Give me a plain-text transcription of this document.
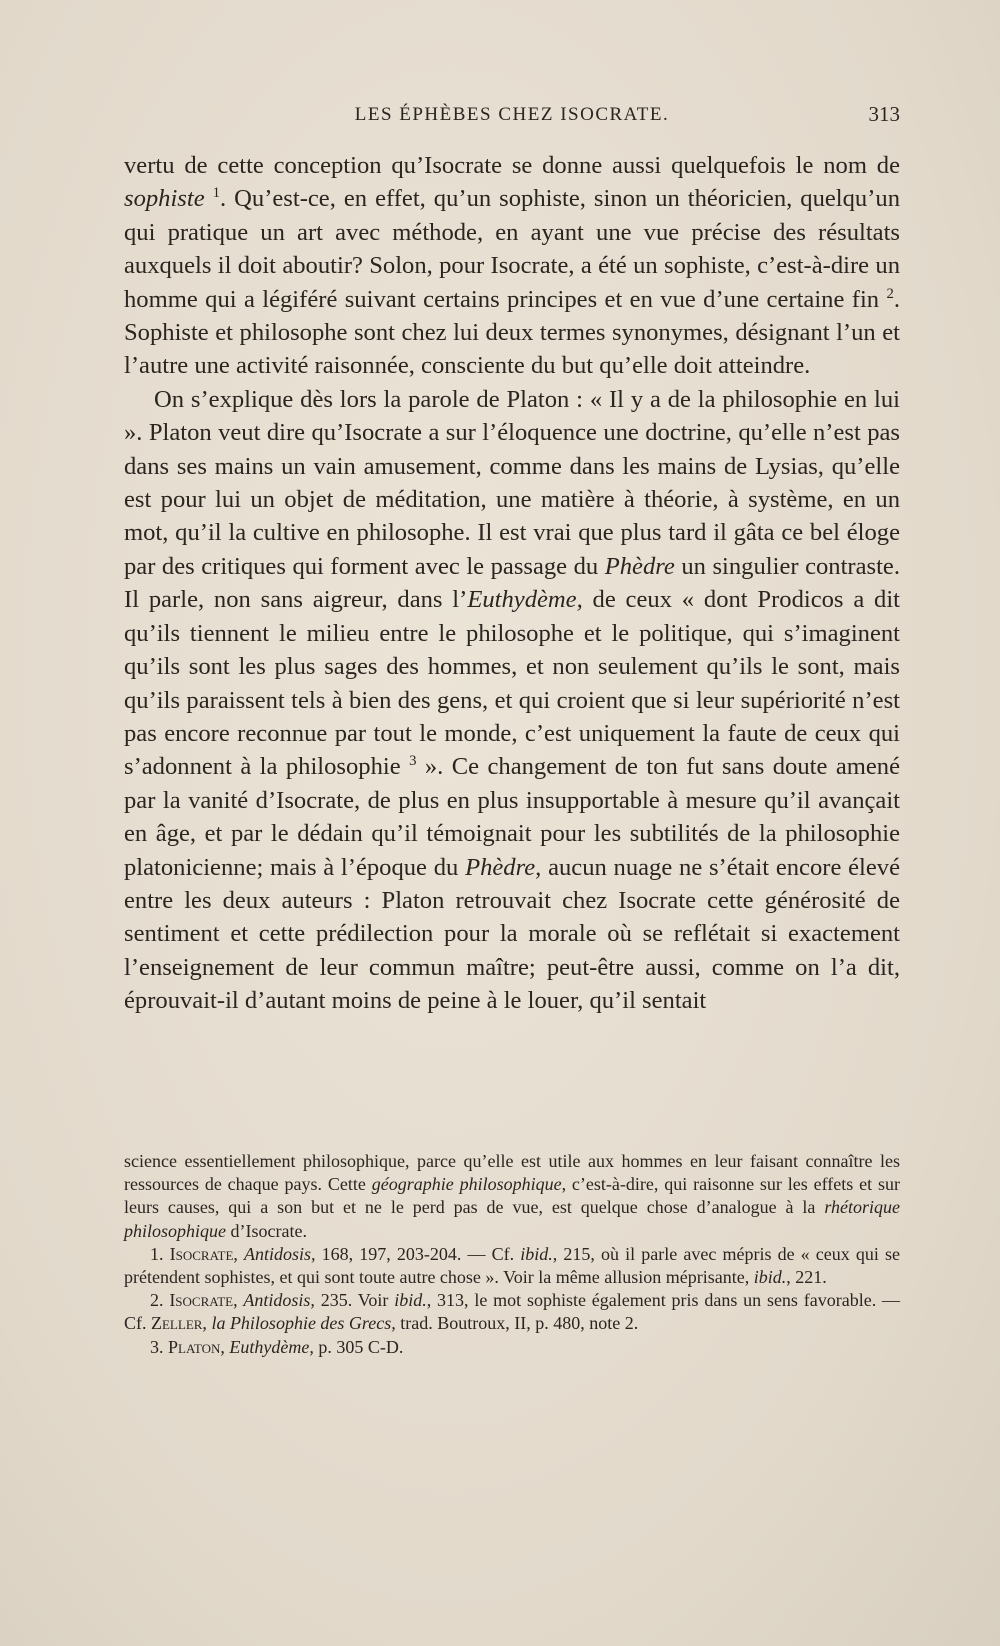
LES ÉPHÈBES CHEZ ISOCRATE.	313

vertu de cette conception qu’Isocrate se donne aussi quelquefois le nom de sophiste $^1$. Qu’est-ce, en effet, qu’un sophiste, sinon un théoricien, quelqu’un qui pratique un art avec méthode, en ayant une vue précise des résultats auxquels il doit aboutir? Solon, pour Isocrate, a été un sophiste, c’est-à-dire un homme qui a légiféré suivant certains principes et en vue d’une certaine fin $^2$. Sophiste et philosophe sont chez lui deux termes synonymes, désignant l’un et l’autre une activité raisonnée, consciente du but qu’elle doit atteindre.

On s’explique dès lors la parole de Platon : « Il y a de la philosophie en lui ». Platon veut dire qu’Isocrate a sur l’éloquence une doctrine, qu’elle n’est pas dans ses mains un vain amusement, comme dans les mains de Lysias, qu’elle est pour lui un objet de méditation, une matière à théorie, à système, en un mot, qu’il la cultive en philosophe. Il est vrai que plus tard il gâta ce bel éloge par des critiques qui forment avec le passage du Phèdre un singulier contraste. Il parle, non sans aigreur, dans l’Euthydème, de ceux « dont Prodicos a dit qu’ils tiennent le milieu entre le philosophe et le politique, qui s’imaginent qu’ils sont les plus sages des hommes, et non seulement qu’ils le sont, mais qu’ils paraissent tels à bien des gens, et qui croient que si leur supériorité n’est pas encore reconnue par tout le monde, c’est uniquement la faute de ceux qui s’adonnent à la philosophie $^3$ ». Ce changement de ton fut sans doute amené par la vanité d’Isocrate, de plus en plus insupportable à mesure qu’il avançait en âge, et par le dédain qu’il témoignait pour les subtilités de la philosophie platonicienne; mais à l’époque du Phèdre, aucun nuage ne s’était encore élevé entre les deux auteurs : Platon retrouvait chez Isocrate cette générosité de sentiment et cette prédilection pour la morale où se reflétait si exactement l’enseignement de leur commun maître; peut-être aussi, comme on l’a dit, éprouvait-il d’autant moins de peine à le louer, qu’il sentait

science essentiellement philosophique, parce qu’elle est utile aux hommes en leur faisant connaître les ressources de chaque pays. Cette géographie philosophique, c’est-à-dire, qui raisonne sur les effets et sur leurs causes, qui a son but et ne le perd pas de vue, est quelque chose d’analogue à la rhétorique philosophique d’Isocrate.

1. Isocrate, Antidosis, 168, 197, 203-204. — Cf. ibid., 215, où il parle avec mépris de « ceux qui se prétendent sophistes, et qui sont toute autre chose ». Voir la même allusion méprisante, ibid., 221.

2. Isocrate, Antidosis, 235. Voir ibid., 313, le mot sophiste également pris dans un sens favorable. — Cf. Zeller, la Philosophie des Grecs, trad. Boutroux, II, p. 480, note 2.

3. Platon, Euthydème, p. 305 C-D.
